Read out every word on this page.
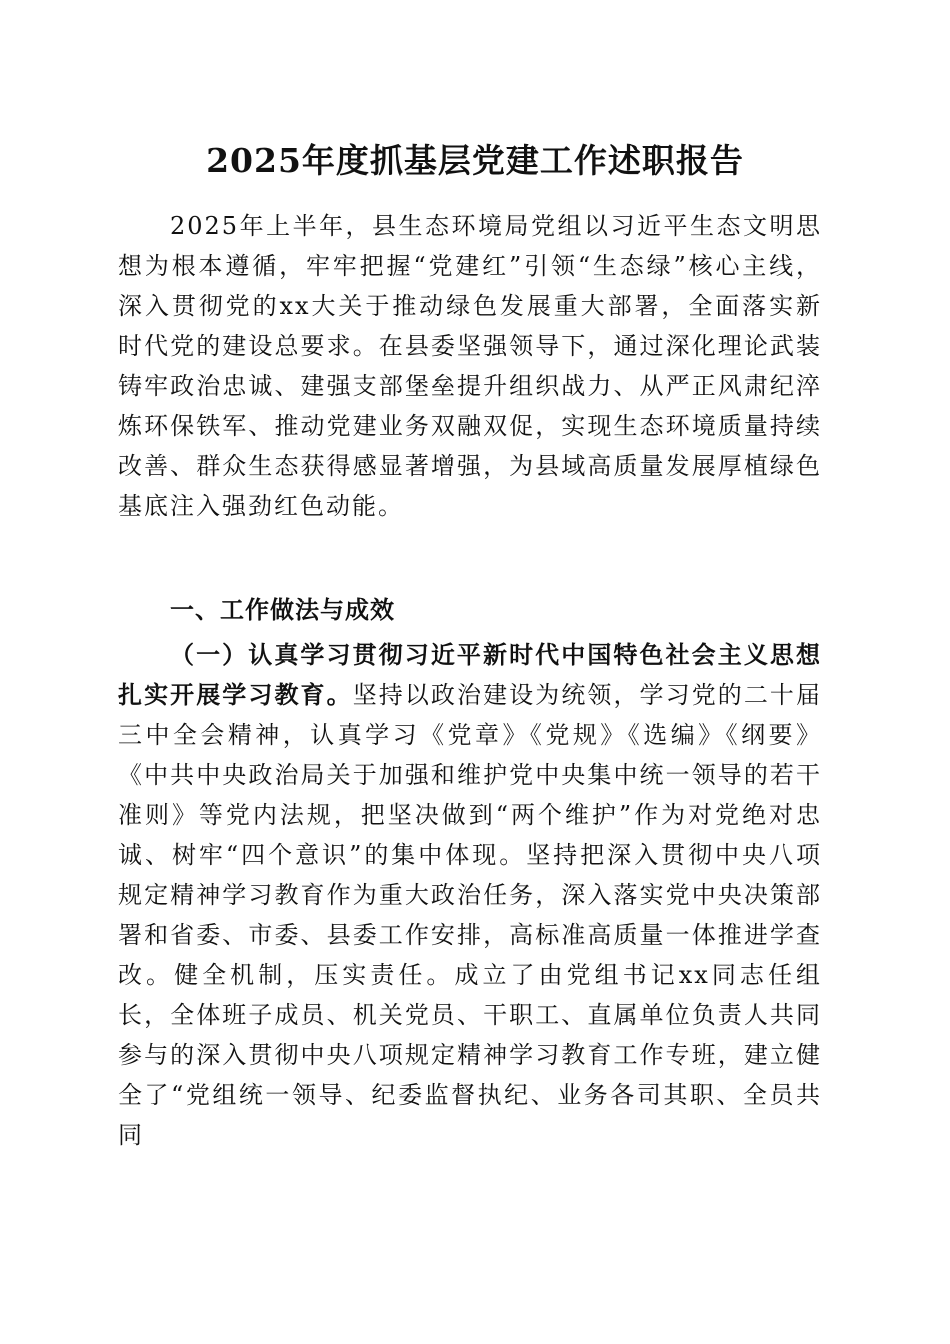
2025年度抓基层党建工作述职报告

2025年上半年，县生态环境局党组以习近平生态文明思想为根本遵循，牢牢把握“党建红”引领“生态绿”核心主线，深入贯彻党的xx大关于推动绿色发展重大部署，全面落实新时代党的建设总要求。在县委坚强领导下，通过深化理论武装铸牢政治忠诚、建强支部堡垒提升组织战力、从严正风肃纪淬炼环保铁军、推动党建业务双融双促，实现生态环境质量持续改善、群众生态获得感显著增强，为县域高质量发展厚植绿色基底注入强劲红色动能。

一、工作做法与成效

（一）认真学习贯彻习近平新时代中国特色社会主义思想扎实开展学习教育。坚持以政治建设为统领，学习党的二十届三中全会精神，认真学习《党章》《党规》《选编》《纲要》《中共中央政治局关于加强和维护党中央集中统一领导的若干准则》等党内法规，把坚决做到“两个维护”作为对党绝对忠诚、树牢“四个意识”的集中体现。坚持把深入贯彻中央八项规定精神学习教育作为重大政治任务，深入落实党中央决策部署和省委、市委、县委工作安排，高标准高质量一体推进学查改。健全机制，压实责任。成立了由党组书记xx同志任组长，全体班子成员、机关党员、干职工、直属单位负责人共同参与的深入贯彻中央八项规定精神学习教育工作专班，建立健全了“党组统一领导、纪委监督执纪、业务各司其职、全员共同
